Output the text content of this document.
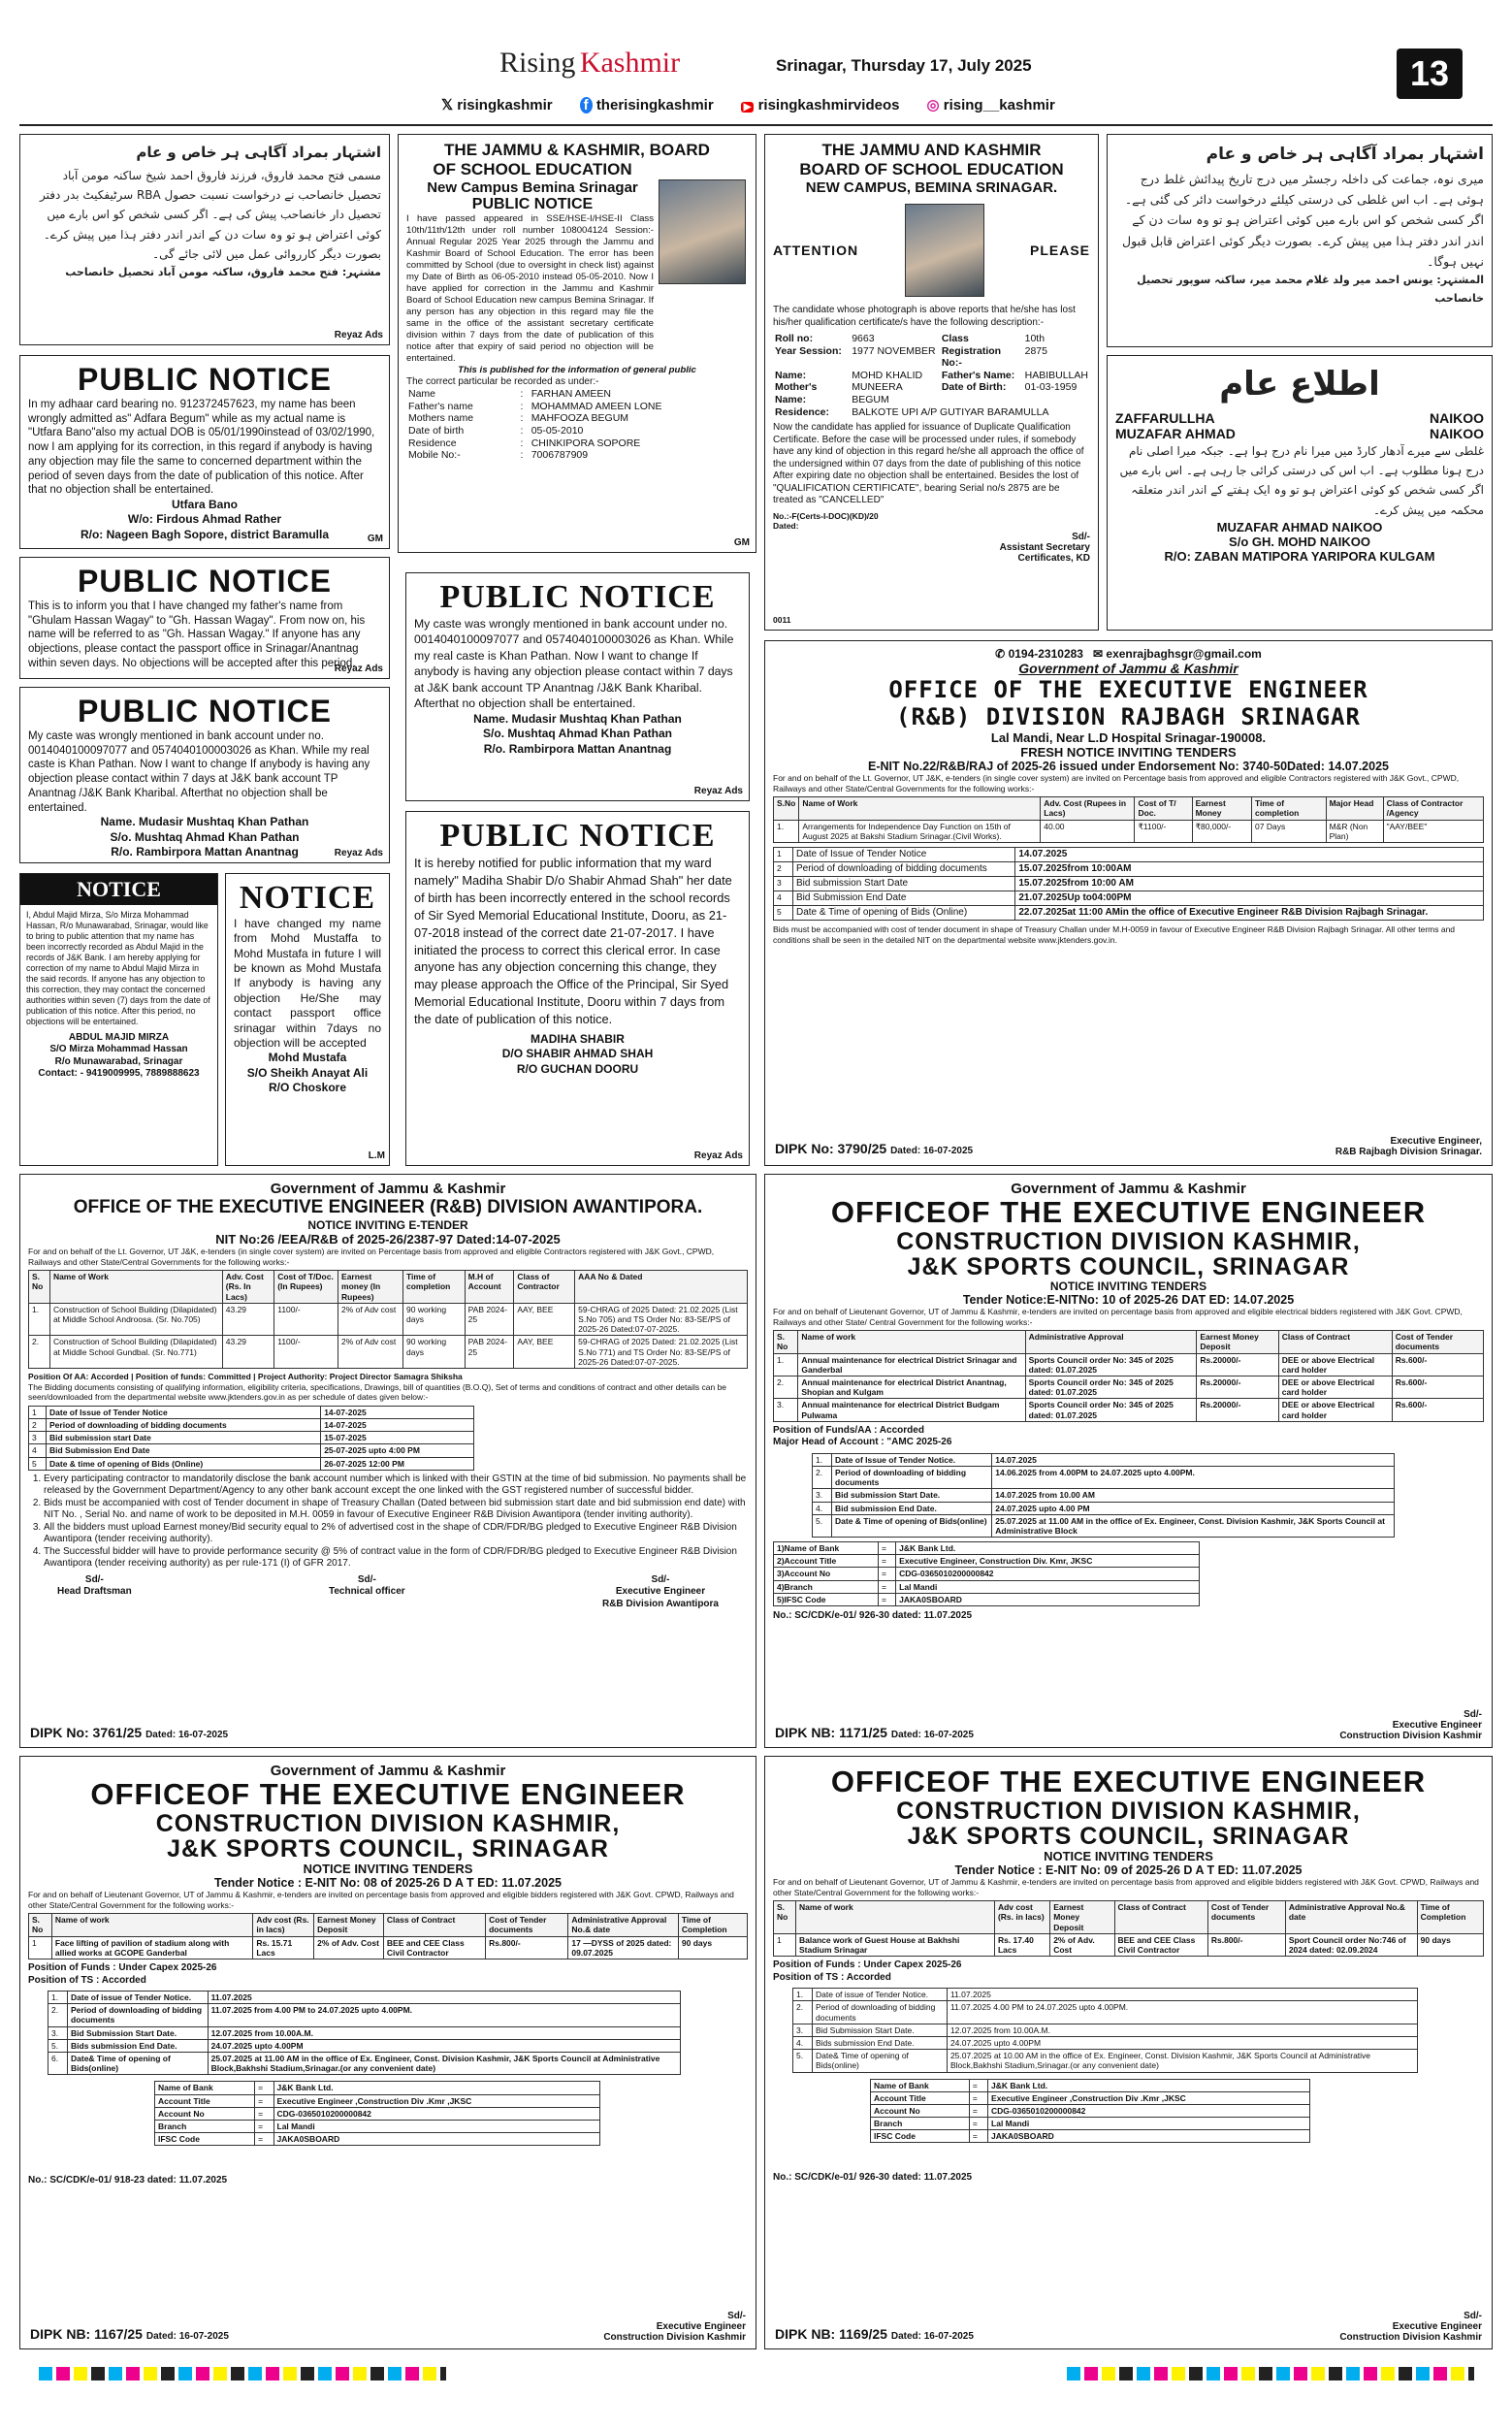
Rising Kashmir	Srinagar, Thursday 17, July 2025	13
𝕏 risingkashmir f therisingkashmir	▶ risingkashmirvideos ◎ rising__kashmir
اشتہار بمراد آگاہی ہر خاص و عام
مسمی فتح محمد فاروق، فرزند فاروق احمد شیخ ساکنہ مومن آباد تحصیل خانصاحب نے درخواست نسبت حصول RBA سرٹیفکیٹ بدر دفتر تحصیل دار خانصاحب پیش کی ہے۔ اگر کسی شخص کو اس بارے میں کوئی اعتراض ہو تو وہ سات دن کے اندر اندر دفتر ہذا میں پیش کرے۔ بصورت دیگر کارروائی عمل میں لائی جائے گی۔
مشتہر: فتح محمد فاروق، ساکنہ مومن آباد تحصیل خانصاحب
Reyaz Ads
PUBLIC NOTICE

In my adhaar card bearing no. 912372457623, my name has been wrongly admitted as" Adfara Begum" while as my actual name is "Utfara Bano"also my actual DOB is 05/01/1990instead of 03/02/1990, now I am applying for its correction, in this regard if anybody is having any objection may file the same to concerned department within the period of seven days from the date of publication of this notice. After that no objection shall be entertained.

Utfara Bano
W/o: Firdous Ahmad Rather
R/o: Nageen Bagh Sopore, district Baramulla	GM
PUBLIC NOTICE

This is to inform you that I have changed my father's name from "Ghulam Hassan Wagay" to "Gh. Hassan Wagay". From now on, his name will be referred to as "Gh. Hassan Wagay." If anyone has any objections, please contact the passport office in Srinagar/Anantnag within seven days. No objections will be accepted after this period.

Reyaz Ads
PUBLIC NOTICE

My caste was wrongly mentioned in bank account under no. 0014040100097077 and 0574040100003026 as Khan. While my real caste is Khan Pathan. Now I want to change If anybody is having any objection please contact within 7 days at J&K bank account TP Anantnag /J&K Bank Kharibal. Afterthat no objection shall be entertained.

Name. Mudasir Mushtaq Khan Pathan
S/o. Mushtaq Ahmad Khan Pathan
R/o. Rambirpora Mattan Anantnag	Reyaz Ads
NOTICE

I, Abdul Majid Mirza, S/o Mirza Mohammad Hassan, R/o Munawarabad, Srinagar, would like to bring to public attention that my name has been incorrectly recorded as Abdul Majid in the records of J&K Bank. I am hereby applying for correction of my name to Abdul Majid Mirza in the said records. If anyone has any objection to this correction, they may contact the concerned authorities within seven (7) days from the date of publication of this notice. After this period, no objections will be entertained.

ABDUL MAJID MIRZA
S/O Mirza Mohammad Hassan
R/o Munawarabad, Srinagar
Contact: - 9419009995, 7889888623
NOTICE

I have changed my name from Mohd Mustaffa to Mohd Mustafa in future I will be known as Mohd Mustafa If anybody is having any objection He/She may contact passport office srinagar within 7days no objection will be accepted

Mohd Mustafa
S/O Sheikh Anayat Ali
R/O Choskore
L.M
THE JAMMU & KASHMIR, BOARD
OF SCHOOL EDUCATION
New Campus Bemina Srinagar
PUBLIC NOTICE

I have passed appeared in SSE/HSE-I/HSE-II Class 10th/11th/12th under roll number 108004124 Session:- Annual Regular 2025 Year 2025 through the Jammu and Kashmir Board of School Education. The error has been committed by School (due to oversight in check list) against my Date of Birth as 06-05-2010 instead 05-05-2010. Now I have applied for correction in the Jammu and Kashmir Board of School Education new campus Bemina Srinagar. If any person has any objection in this regard may file the same in the office of the assistant secretary certificate division within 7 days from the date of publication of this notice after that expiry of said period no objection will be entertained.

This is published for the information of general public
The correct particular be recorded as under:-
Name	:	FARHAN AMEEN
Father's name	:	MOHAMMAD AMEEN LONE
Mothers name	:	MAHFOOZA BEGUM
Date of birth	:	05-05-2010
Residence	:	CHINKIPORA SOPORE
Mobile No:-	:	7006787909
GM
PUBLIC NOTICE

My caste was wrongly mentioned in bank account under no. 0014040100097077 and 0574040100003026 as Khan. While my real caste is Khan Pathan. Now I want to change If anybody is having any objection please contact within 7 days at J&K bank account TP Anantnag /J&K Bank Kharibal. Afterthat no objection shall be entertained.

Name. Mudasir Mushtaq Khan Pathan
S/o. Mushtaq Ahmad Khan Pathan
R/o. Rambirpora Mattan Anantnag
Reyaz Ads
PUBLIC NOTICE

It is hereby notified for public information that my ward namely" Madiha Shabir D/o Shabir Ahmad Shah" her date of birth has been incorrectly entered in the school records of Sir Syed Memorial Educational Institute, Dooru, as 21-07-2018 instead of the correct date 21-07-2017. I have initiated the process to correct this clerical error. In case anyone has any objection concerning this change, they may please approach the Office of the Principal, Sir Syed Memorial Educational Institute, Dooru within 7 days from the date of publication of this notice.

MADIHA SHABIR
D/O SHABIR AHMAD SHAH
R/O GUCHAN DOORU
Reyaz Ads
THE JAMMU AND KASHMIR
BOARD OF SCHOOL EDUCATION
NEW CAMPUS, BEMINA SRINAGAR.
ATTENTION	PLEASE

The candidate whose photograph is above reports that he/she has lost his/her qualification certificate/s have the following description:-

Roll no:	9663	Class	10th
Year Session:	1977 NOVEMBER	Registration No:-	2875
Name:	MOHD KHALID	Father's Name:	HABIBULLAH
Mother's Name:	MUNEERA BEGUM	Date of Birth:	01-03-1959
Residence:	BALKOTE UPI A/P GUTIYAR BARAMULLA		

Now the candidate has applied for issuance of Duplicate Qualification Certificate. Before the case will be processed under rules, if somebody have any kind of objection in this regard he/she all approach the office of the undersigned within 07 days from the date of publishing of this notice After expiring date no objection shall be entertained. Besides the lost of "QUALIFICATION CERTIFICATE", bearing Serial no/s 2875 are be treated as "CANCELLED"

No.:-F(Certs-I-DOC)(KD)/20
Dated:
Sd/-
Assistant Secretary
Certificates, KD
0011
اشتہار بمراد آگاہی ہر خاص و عام
میری نوہ، جماعت کی داخلہ رجسٹر میں درج تاریخ پیدائش غلط درج ہوئی ہے۔ اب اس غلطی کی درستی کیلئے درخواست دائر کی گئی ہے۔ اگر کسی شخص کو اس بارے میں کوئی اعتراض ہو تو وہ سات دن کے اندر اندر دفتر ہذا میں پیش کرے۔ بصورت دیگر کوئی اعتراض قابل قبول نہیں ہوگا۔
المشتہر: یونس احمد میر ولد غلام محمد میر، ساکنہ سوپور تحصیل خانصاحب
اطلاع عام
ZAFFARULLHA	NAIKOO
MUZAFAR AHMAD	NAIKOO
غلطی سے میرے آدھار کارڈ میں میرا نام درج ہوا ہے۔ جبکہ میرا اصلی نام درج ہونا مطلوب ہے۔ اب اس کی درستی کرائی جا رہی ہے۔ اس بارے میں اگر کسی شخص کو کوئی اعتراض ہو تو وہ ایک ہفتے کے اندر اندر متعلقہ محکمہ میں پیش کرے۔
MUZAFAR AHMAD NAIKOO
S/o GH. MOHD NAIKOO
R/O: ZABAN MATIPORA YARIPORA KULGAM
✆ 0194-2310283 ✉ exenrajbaghsgr@gmail.com
Government of Jammu & Kashmir
OFFICE OF THE EXECUTIVE ENGINEER
(R&B) DIVISION RAJBAGH SRINAGAR
Lal Mandi, Near L.D Hospital Srinagar-190008.
FRESH NOTICE INVITING TENDERS
E-NIT No.22/R&B/RAJ of 2025-26 issued under Endorsement No: 3740-50Dated: 14.07.2025

For and on behalf of the Lt. Governor, UT J&K, e-tenders (in single cover system) are invited on Percentage basis from approved and eligible Contractors registered with J&K Govt., CPWD, Railways and other State/Central Governments for the following works:-

S.No	Name of Work	Adv. Cost (Rupees in Lacs)	Cost of T/ Doc.	Earnest Money	Time of completion	Major Head	Class of Contractor /Agency
1.	Arrangements for Independence Day Function on 15th of August 2025 at Bakshi Stadium Srinagar.(Civil Works).	40.00	₹1100/-	₹80,000/-	07 Days	M&R (Non Plan)	"AAY/BEE"
1	Date of Issue of Tender Notice	14.07.2025
2	Period of downloading of bidding documents	15.07.2025from 10:00AM
3	Bid submission Start Date	15.07.2025from 10:00 AM
4	Bid Submission End Date	21.07.2025Up to04:00PM
5	Date & Time of opening of Bids (Online)	22.07.2025at 11:00 AMin the office of Executive Engineer R&B Division Rajbagh Srinagar.

Bids must be accompanied with cost of tender document in shape of Treasury Challan under M.H-0059 in favour of Executive Engineer R&B Division Rajbagh Srinagar. All other terms and conditions shall be seen in the detailed NIT on the departmental website www.jktenders.gov.in.

DIPK No: 3790/25 Dated: 16-07-2025
Executive Engineer,
R&B Rajbagh Division Srinagar.
Government of Jammu & Kashmir
OFFICE OF THE EXECUTIVE ENGINEER (R&B) DIVISION AWANTIPORA.
NOTICE INVITING E-TENDER
NIT No:26 /EEA/R&B of 2025-26/2387-97 Dated:14-07-2025

For and on behalf of the Lt. Governor, UT J&K, e-tenders (in single cover system) are invited on Percentage basis from approved and eligible Contractors registered with J&K Govt., CPWD, Railways and other State/Central Governments for the following works:-

S. No	Name of Work	Adv. Cost (Rs. In Lacs)	Cost of T/Doc. (In Rupees)	Earnest money (In Rupees)	Time of completion	M.H of Account	Class of Contractor	AAA No & Dated
1.	Construction of School Building (Dilapidated) at Middle School Androosa. (Sr. No.705)	43.29	1100/-	2% of Adv cost	90 working days	PAB 2024-25	AAY, BEE	59-CHRAG of 2025 Dated: 21.02.2025 (List S.No 705) and TS Order No: 83-SE/PS of 2025-26 Dated:07-07-2025.
2.	Construction of School Building (Dilapidated) at Middle School Gundbal. (Sr. No.771)	43.29	1100/-	2% of Adv cost	90 working days	PAB 2024-25	AAY, BEE	59-CHRAG of 2025 Dated: 21.02.2025 (List S.No 771) and TS Order No: 83-SE/PS of 2025-26 Dated:07-07-2025.
Position Of AA: Accorded | Position of funds: Committed | Project Authority: Project Director Samagra Shiksha

The Bidding documents consisting of qualifying information, eligibility criteria, specifications, Drawings, bill of quantities (B.O.Q), Set of terms and conditions of contract and other details can be seen/downloaded from the departmental website www.jktenders.gov.in as per schedule of dates given below:-

1	Date of Issue of Tender Notice	14-07-2025
2	Period of downloading of bidding documents	14-07-2025
3	Bid submission start Date	15-07-2025
4	Bid Submission End Date	25-07-2025 upto 4:00 PM
5	Date & time of opening of Bids (Online)	26-07-2025 12:00 PM
1. Every participating contractor to mandatorily disclose the bank account number which is linked with their GSTIN at the time of bid submission. No payments shall be released by the Government Department/Agency to any other bank account except the one linked with the GST registered number of successful bidder.
2. Bids must be accompanied with cost of Tender document in shape of Treasury Challan (Dated between bid submission start date and bid submission end date) with NIT No. , Serial No. and name of work to be deposited in M.H. 0059 in favour of Executive Engineer R&B Division Awantipora (tender inviting authority).
3. All the bidders must upload Earnest money/Bid security equal to 2% of advertised cost in the shape of CDR/FDR/BG pledged to Executive Engineer R&B Division Awantipora (tender receiving authority).
4. The Successful bidder will have to provide performance security @ 5% of contract value in the form of CDR/FDR/BG pledged to Executive Engineer R&B Division Awantipora (tender receiving authority) as per rule-171 (I) of GFR 2017.
Sd/-
Head Draftsman
Sd/-
Technical officer
Sd/-
Executive Engineer
R&B Division Awantipora
DIPK No: 3761/25 Dated: 16-07-2025
Government of Jammu & Kashmir
OFFICEOF THE EXECUTIVE ENGINEER
CONSTRUCTION DIVISION KASHMIR,
J&K SPORTS COUNCIL, SRINAGAR
NOTICE INVITING TENDERS
Tender Notice:E-NITNo: 10 of 2025-26 DAT ED: 14.07.2025

For and on behalf of Lieutenant Governor, UT of Jammu & Kashmir, e-tenders are invited on percentage basis from approved and eligible electrical bidders registered with J&K Govt. CPWD, Railways and other State/ Central Government for the following works:-

S. No	Name of work	Administrative Approval	Earnest Money Deposit	Class of Contract	Cost of Tender documents
1.	Annual maintenance for electrical District Srinagar and Ganderbal	Sports Council order No: 345 of 2025 dated: 01.07.2025	Rs.20000/-	DEE or above Electrical card holder	Rs.600/-
2.	Annual maintenance for electrical District Anantnag, Shopian and Kulgam	Sports Council order No: 345 of 2025 dated: 01.07.2025	Rs.20000/-	DEE or above Electrical card holder	Rs.600/-
3.	Annual maintenance for electrical District Budgam Pulwama	Sports Council order No: 345 of 2025 dated: 01.07.2025	Rs.20000/-	DEE or above Electrical card holder	Rs.600/-
Position of Funds/AA : Accorded
Major Head of Account : "AMC 2025-26
1.	Date of Issue of Tender Notice.	14.07.2025
2.	Period of downloading of bidding documents	14.06.2025 from 4.00PM to 24.07.2025 upto 4.00PM.
3.	Bid submission Start Date.	14.07.2025 from 10.00 AM
4.	Bid submission End Date.	24.07.2025 upto 4.00 PM
5.	Date & Time of opening of Bids(online)	25.07.2025 at 11.00 AM in the office of Ex. Engineer, Const. Division Kashmir, J&K Sports Council at Administrative Block
1)Name of Bank	=	J&K Bank Ltd.
2)Account Title	=	Executive Engineer, Construction Div. Kmr, JKSC
3)Account No	=	CDG-0365010200000842
4)Branch	=	Lal Mandi
5)IFSC Code	=	JAKA0SBOARD
No.: SC/CDK/e-01/ 926-30 dated: 11.07.2025
DIPK NB: 1171/25 Dated: 16-07-2025
Sd/-
Executive Engineer
Construction Division Kashmir
Government of Jammu & Kashmir
OFFICEOF THE EXECUTIVE ENGINEER
CONSTRUCTION DIVISION KASHMIR,
J&K SPORTS COUNCIL, SRINAGAR
NOTICE INVITING TENDERS
Tender Notice : E-NIT No: 08 of 2025-26 D A T ED: 11.07.2025

For and on behalf of Lieutenant Governor, UT of Jammu & Kashmir, e-tenders are invited on percentage basis from approved and eligible bidders registered with J&K Govt. CPWD, Railways and other State/Central Government for the following works:-

S. No	Name of work	Adv cost (Rs. in lacs)	Earnest Money Deposit	Class of Contract	Cost of Tender documents	Administrative Approval No.& date	Time of Completion
1	Face lifting of pavilion of stadium along with allied works at GCOPE Ganderbal	Rs. 15.71 Lacs	2% of Adv. Cost	BEE and CEE Class Civil Contractor	Rs.800/-	17 —DYSS of 2025 dated: 09.07.2025	90 days
Position of Funds : Under Capex 2025-26
Position of TS : Accorded
1.	Date of issue of Tender Notice.	11.07.2025
2.	Period of downloading of bidding documents	11.07.2025 from 4.00 PM to 24.07.2025 upto 4.00PM.
3.	Bid Submission Start Date.	12.07.2025 from 10.00A.M.
5.	Bids submission End Date.	24.07.2025 upto 4.00PM
6.	Date& Time of opening of Bids(online)	25.07.2025 at 11.00 AM in the office of Ex. Engineer, Const. Division Kashmir, J&K Sports Council at Administrative Block,Bakhshi Stadium,Srinagar.(or any convenient date)
Name of Bank	=	J&K Bank Ltd.
Account Title	=	Executive Engineer ,Construction Div .Kmr ,JKSC
Account No	=	CDG-0365010200000842
Branch	=	Lal Mandi
IFSC Code	=	JAKA0SBOARD
No.: SC/CDK/e-01/ 918-23 dated: 11.07.2025
DIPK NB: 1167/25 Dated: 16-07-2025
Sd/-
Executive Engineer
Construction Division Kashmir
OFFICEOF THE EXECUTIVE ENGINEER
CONSTRUCTION DIVISION KASHMIR,
J&K SPORTS COUNCIL, SRINAGAR
NOTICE INVITING TENDERS
Tender Notice : E-NIT No: 09 of 2025-26 D A T ED: 11.07.2025

For and on behalf of Lieutenant Governor, UT of Jammu & Kashmir, e-tenders are invited on percentage basis from approved and eligible bidders registered with J&K Govt. CPWD, Railways and other State/Central Government for the following works:-

S. No	Name of work	Adv cost (Rs. in lacs)	Earnest Money Deposit	Class of Contract	Cost of Tender documents	Administrative Approval No.& date	Time of Completion
1	Balance work of Guest House at Bakhshi Stadium Srinagar	Rs. 17.40 Lacs	2% of Adv. Cost	BEE and CEE Class Civil Contractor	Rs.800/-	Sport Council order No:746 of 2024 dated: 02.09.2024	90 days
Position of Funds : Under Capex 2025-26
Position of TS : Accorded
1.	Date of issue of Tender Notice.	11.07.2025
2.	Period of downloading of bidding documents	11.07.2025 4.00 PM to 24.07.2025 upto 4.00PM.
3.	Bid Submission Start Date.	12.07.2025 from 10.00A.M.
4.	Bids submission End Date.	24.07.2025 upto 4.00PM
5.	Date& Time of opening of Bids(online)	25.07.2025 at 10.00 AM in the office of Ex. Engineer, Const. Division Kashmir, J&K Sports Council at Administrative Block,Bakhshi Stadium,Srinagar.(or any convenient date)
Name of Bank	=	J&K Bank Ltd.
Account Title	=	Executive Engineer ,Construction Div .Kmr ,JKSC
Account No	=	CDG-0365010200000842
Branch	=	Lal Mandi
IFSC Code	=	JAKA0SBOARD
No.: SC/CDK/e-01/ 926-30 dated: 11.07.2025
DIPK NB: 1169/25 Dated: 16-07-2025
Sd/-
Executive Engineer
Construction Division Kashmir
